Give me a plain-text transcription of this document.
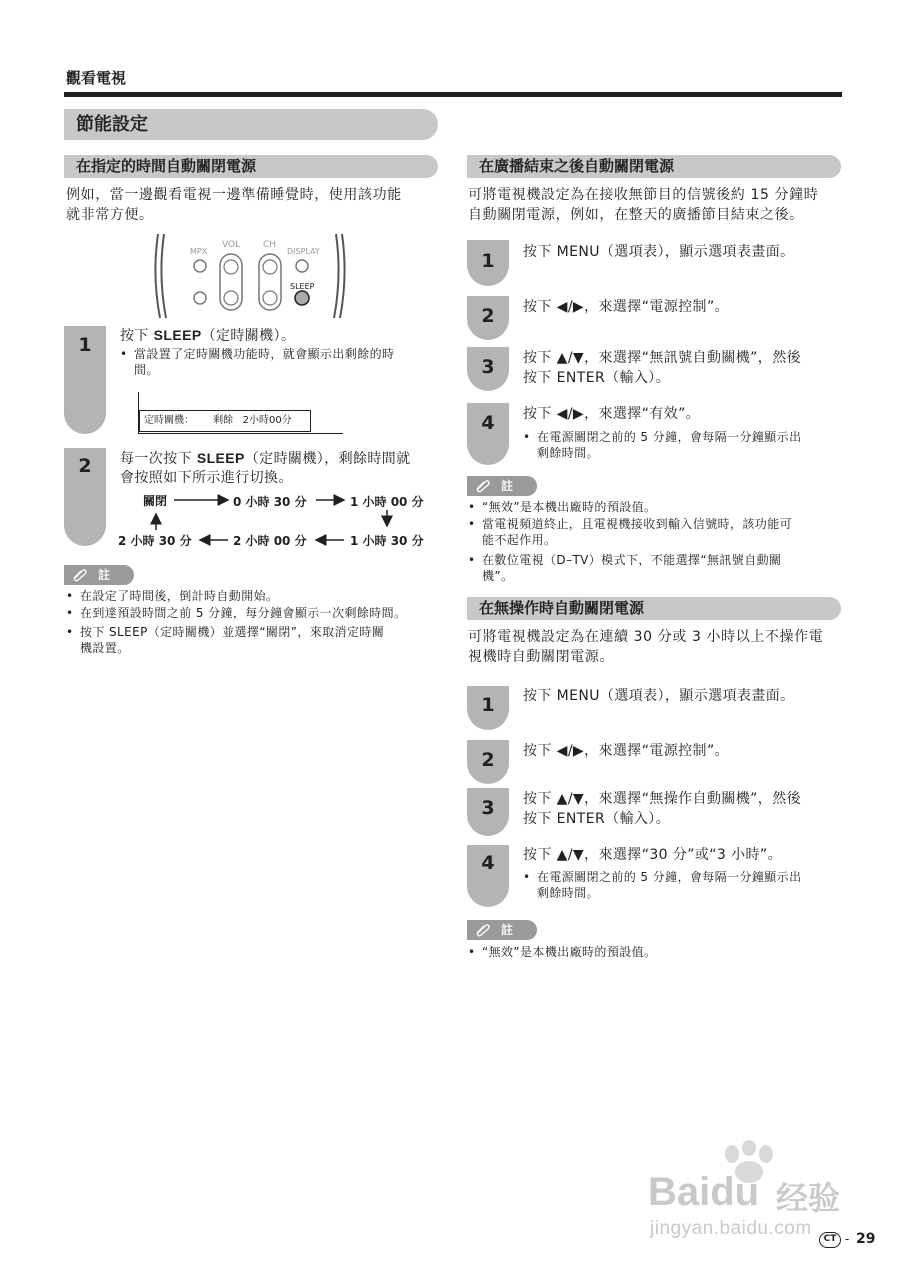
觀看電視
節能設定
在指定的時間自動關閉電源
例如，當一邊觀看電視一邊準備睡覺時，使用該功能
就非常方便。
MPX
VOL	CH
DISPLAY
SLEEP
1	按下 SLEEP（定時關機）。
• 當設置了定時關機功能時，就會顯示出剩餘的時
間。
定時關機： 剩餘 2小時00分
2	每一次按下 SLEEP（定時關機），剩餘時間就
會按照如下所示進行切換。
關閉	0 小時 30 分	1 小時 00 分
2 小時 30 分	2 小時 00 分	1 小時 30 分
註
• 在設定了時間後，倒計時自動開始。
• 在到達預設時間之前 5 分鐘，每分鐘會顯示一次剩餘時間。
• 按下 SLEEP（定時關機）並選擇“關閉”，來取消定時關
機設置。
在廣播結束之後自動關閉電源
可將電視機設定為在接收無節目的信號後約 15 分鐘時
自動關閉電源，例如，在整天的廣播節目結束之後。
1	按下 MENU（選項表），顯示選項表畫面。
2	按下 ◀/▶，來選擇“電源控制”。
3	按下 ▲/▼，來選擇“無訊號自動關機”，然後
按下 ENTER（輸入）。
4	按下 ◀/▶，來選擇“有效”。
• 在電源關閉之前的 5 分鐘，會每隔一分鐘顯示出
剩餘時間。
註
• “無效”是本機出廠時的預設值。
• 當電視頻道終止，且電視機接收到輸入信號時，該功能可
能不起作用。
• 在數位電視（D–TV）模式下，不能選擇“無訊號自動關
機”。
在無操作時自動關閉電源
可將電視機設定為在連續 30 分或 3 小時以上不操作電
視機時自動關閉電源。
1	按下 MENU（選項表），顯示選項表畫面。
2	按下 ◀/▶，來選擇“電源控制”。
3	按下 ▲/▼，來選擇“無操作自動關機”，然後
按下 ENTER（輸入）。
4	按下 ▲/▼，來選擇“30 分”或“3 小時”。
• 在電源關閉之前的 5 分鐘，會每隔一分鐘顯示出
剩餘時間。
註
• “無效”是本機出廠時的預設值。
Baidu 经验
jingyan.baidu.com	CT - 29
